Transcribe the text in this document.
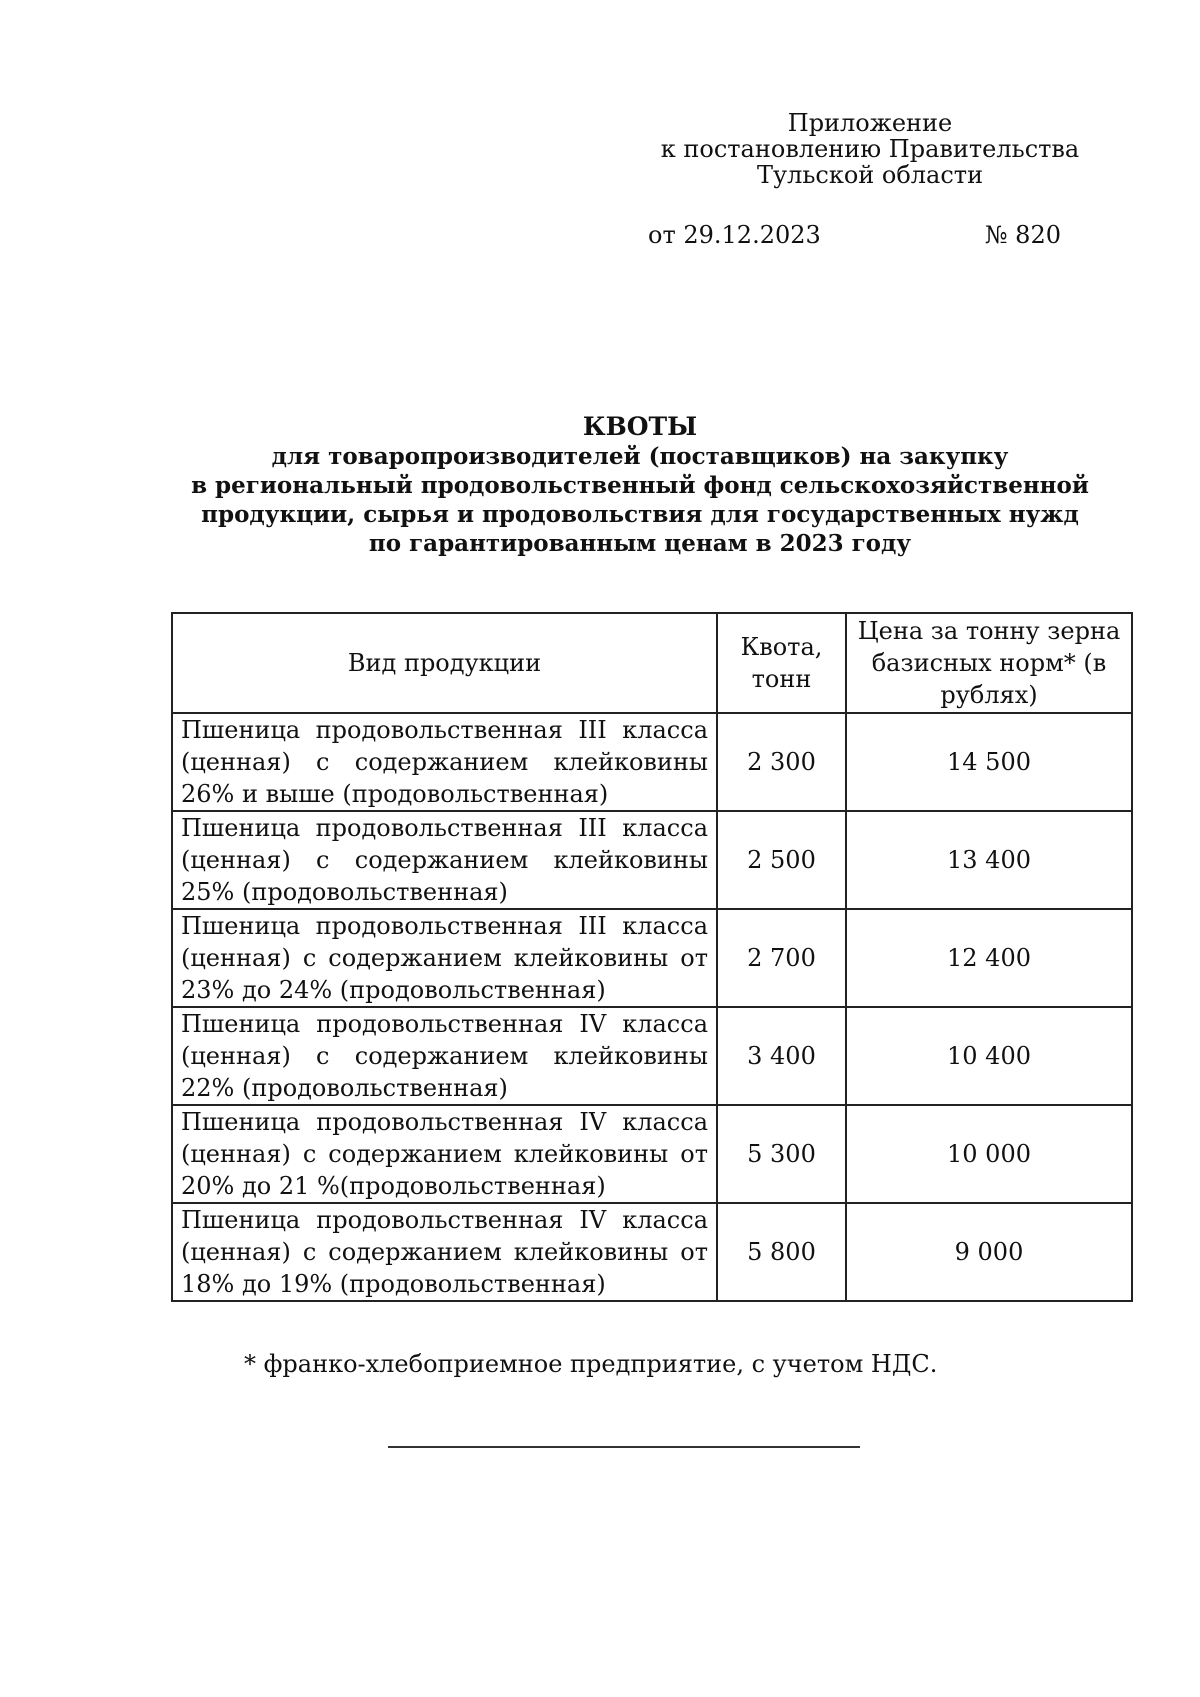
Приложение
к постановлению Правительства
Тульской области
от 29.12.2023	№ 820
КВОТЫ
для товаропроизводителей (поставщиков) на закупку
в региональный продовольственный фонд сельскохозяйственной
продукции, сырья и продовольствия для государственных нужд
по гарантированным ценам в 2023 году
Вид продукции	Квота, тонн	Цена за тонну зерна базисных норм* (в рублях)
Пшеница продовольственная III класса (ценная) с содержанием клейковины 26% и выше (продовольственная)	2 300	14 500
Пшеница продовольственная III класса (ценная) с содержанием клейковины 25% (продовольственная)	2 500	13 400
Пшеница продовольственная III класса (ценная) с содержанием клейковины от 23% до 24% (продовольственная)	2 700	12 400
Пшеница продовольственная IV класса (ценная) с содержанием клейковины 22% (продовольственная)	3 400	10 400
Пшеница продовольственная IV класса (ценная) с содержанием клейковины от 20% до 21 %(продовольственная)	5 300	10 000
Пшеница продовольственная IV класса (ценная) с содержанием клейковины от 18% до 19% (продовольственная)	5 800	9 000
* франко-хлебоприемное предприятие, с учетом НДС.
